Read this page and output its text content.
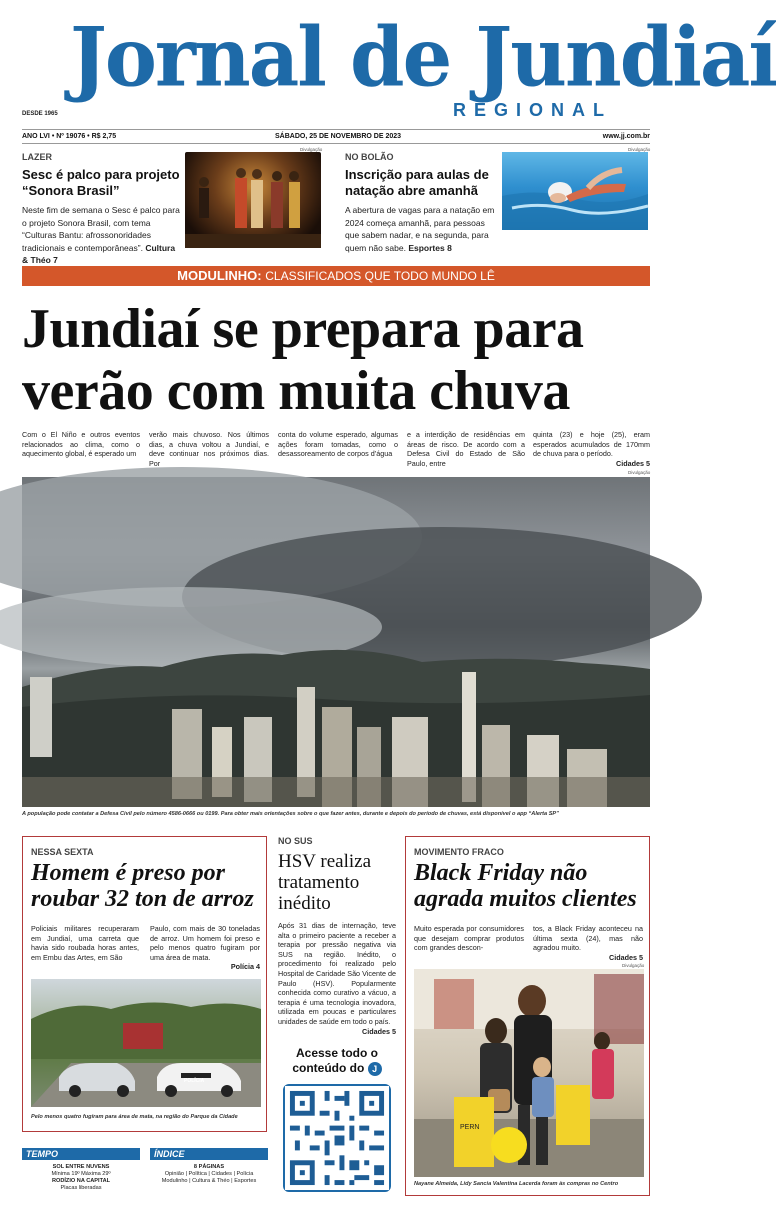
Jornal de Jundiaí
REGIONAL
DESDE 1965
ANO LVI • Nº 19076 • R$ 2,75	SÁBADO, 25 DE NOVEMBRO DE 2023	www.jj.com.br
LAZER
Sesc é palco para projeto “Sonora Brasil”
Neste fim de semana o Sesc é palco para o projeto Sonora Brasil, com tema “Culturas Bantu: afrossonoridades tradicionais e contemporâneas”. Cultura & Théo 7
Divulgação
NO BOLÃO
Inscrição para aulas de natação abre amanhã
A abertura de vagas para a natação em 2024 começa amanhã, para pessoas que sabem nadar, e na segunda, para quem não sabe. Esportes 8
Divulgação
MODULINHO: CLASSIFICADOS QUE TODO MUNDO LÊ
Jundiaí se prepara para
verão com muita chuva
Com o El Niño e outros eventos relacionados ao clima, como o aquecimento global, é esperado um
verão mais chuvoso. Nos últimos dias, a chuva voltou a Jundiaí, e deve continuar nos próximos dias. Por
conta do volume esperado, algumas ações foram tomadas, como o desassoreamento de corpos d’água
e a interdição de residências em áreas de risco. De acordo com a Defesa Civil do Estado de São Paulo, entre
quinta (23) e hoje (25), eram esperados acumulados de 170mm de chuva para o período.
Cidades 5
Divulgação
A população pode contatar a Defesa Civil pelo número 4586-0666 ou 0199. Para obter mais orientações sobre o que fazer antes, durante e depois do período de chuvas, está disponível o app “Alerta SP”
NESSA SEXTA
Homem é preso por roubar 32 ton de arroz
Policiais militares recuperaram em Jundiaí, uma carreta que havia sido roubada horas antes, em Embu das Artes, em São
Paulo, com mais de 30 toneladas de arroz. Um homem foi preso e pelo menos quatro fugiram por uma área de mata.
Polícia 4
POLÍCIA
Pelo menos quatro fugiram para área de mata, na região do Parque da Cidade
NO SUS
HSV realiza tratamento inédito
Após 31 dias de internação, teve alta o primeiro paciente a receber a terapia por pressão negativa via SUS na região. Inédito, o procedimento foi realizado pelo Hospital de Caridade São Vicente de Paulo (HSV). Popularmente conhecida como curativo a vácuo, a terapia é uma tecnologia inovadora, utilizada em poucas e particulares unidades de saúde em todo o país.
Cidades 5
Acesse todo o
conteúdo do J
MOVIMENTO FRACO
Black Friday não agrada muitos clientes
Muito esperada por consumidores que desejam comprar produtos com grandes descon-
tos, a Black Friday aconteceu na última sexta (24), mas não agradou muito.
Cidades 5
Divulgação
PERN
Nayane Almeida, Lidy Sancia Valentina Lacerda foram às compras no Centro
TEMPO
SOL ENTRE NUVENS
Mínima 19º Máxima 29º
RODÍZIO NA CAPITAL
Placas liberadas
ÍNDICE
8 PÁGINAS
Opinião | Política | Cidades | Polícia
Modulinho | Cultura & Théo | Esportes
